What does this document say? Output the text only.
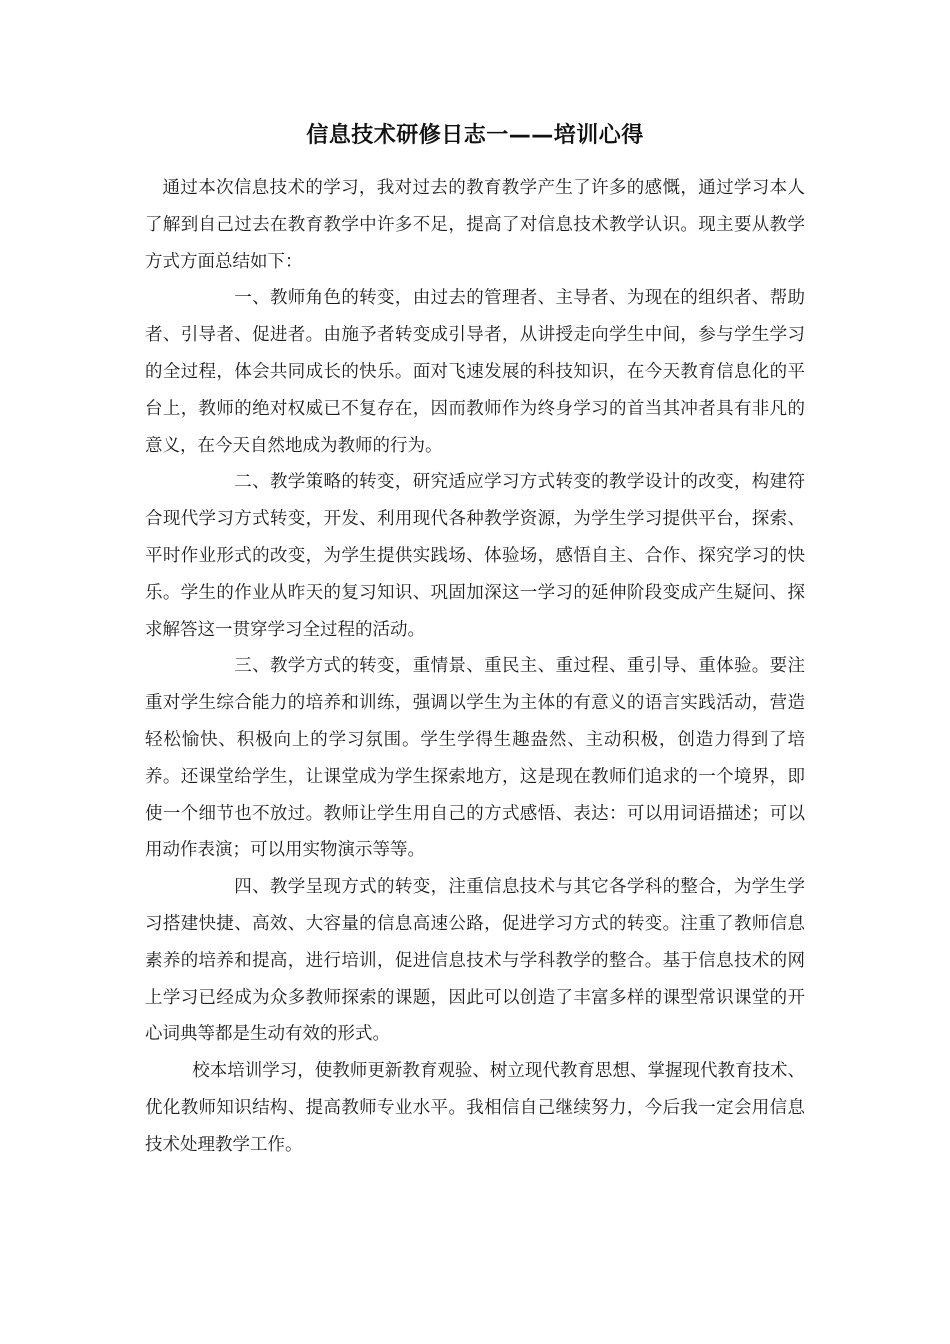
信息技术研修日志一——培训心得

通过本次信息技术的学习，我对过去的教育教学产生了许多的感慨，通过学习本人了解到自己过去在教育教学中许多不足，提高了对信息技术教学认识。现主要从教学方式方面总结如下：

一、教师角色的转变，由过去的管理者、主导者、为现在的组织者、帮助者、引导者、促进者。由施予者转变成引导者，从讲授走向学生中间，参与学生学习的全过程，体会共同成长的快乐。面对飞速发展的科技知识，在今天教育信息化的平台上，教师的绝对权威已不复存在，因而教师作为终身学习的首当其冲者具有非凡的意义，在今天自然地成为教师的行为。

二、教学策略的转变，研究适应学习方式转变的教学设计的改变，构建符合现代学习方式转变，开发、利用现代各种教学资源，为学生学习提供平台，探索、平时作业形式的改变，为学生提供实践场、体验场，感悟自主、合作、探究学习的快乐。学生的作业从昨天的复习知识、巩固加深这一学习的延伸阶段变成产生疑问、探求解答这一贯穿学习全过程的活动。

三、教学方式的转变，重情景、重民主、重过程、重引导、重体验。要注重对学生综合能力的培养和训练，强调以学生为主体的有意义的语言实践活动，营造轻松愉快、积极向上的学习氛围。学生学得生趣盎然、主动积极，创造力得到了培养。还课堂给学生，让课堂成为学生探索地方，这是现在教师们追求的一个境界，即使一个细节也不放过。教师让学生用自己的方式感悟、表达：可以用词语描述；可以用动作表演；可以用实物演示等等。

四、教学呈现方式的转变，注重信息技术与其它各学科的整合，为学生学习搭建快捷、高效、大容量的信息高速公路，促进学习方式的转变。注重了教师信息素养的培养和提高，进行培训，促进信息技术与学科教学的整合。基于信息技术的网上学习已经成为众多教师探索的课题，因此可以创造了丰富多样的课型常识课堂的开心词典等都是生动有效的形式。

校本培训学习，使教师更新教育观验、树立现代教育思想、掌握现代教育技术、优化教师知识结构、提高教师专业水平。我相信自己继续努力，今后我一定会用信息技术处理教学工作。
